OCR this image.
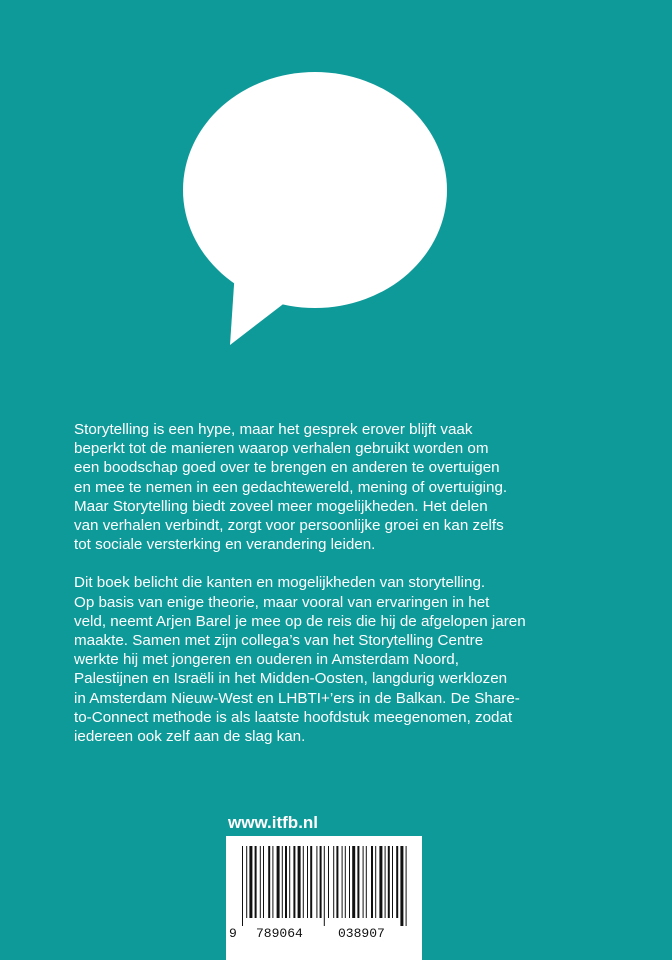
Storytelling is een hype, maar het gesprek erover blijft vaak
beperkt tot de manieren waarop verhalen gebruikt worden om
een boodschap goed over te brengen en anderen te overtuigen
en mee te nemen in een gedachtewereld, mening of overtuiging.
Maar Storytelling biedt zoveel meer mogelijkheden. Het delen
van verhalen verbindt, zorgt voor persoonlijke groei en kan zelfs
tot sociale versterking en verandering leiden.

Dit boek belicht die kanten en mogelijkheden van storytelling.
Op basis van enige theorie, maar vooral van ervaringen in het
veld, neemt Arjen Barel je mee op de reis die hij de afgelopen jaren
maakte. Samen met zijn collega’s van het Storytelling Centre
werkte hij met jongeren en ouderen in Amsterdam Noord,
Palestijnen en Israëli in het Midden-Oosten, langdurig werklozen
in Amsterdam Nieuw-West en LHBTI+’ers in de Balkan. De Share-
to-Connect methode is als laatste hoofdstuk meegenomen, zodat
iedereen ook zelf aan de slag kan.

www.itfb.nl
9 789064	038907
